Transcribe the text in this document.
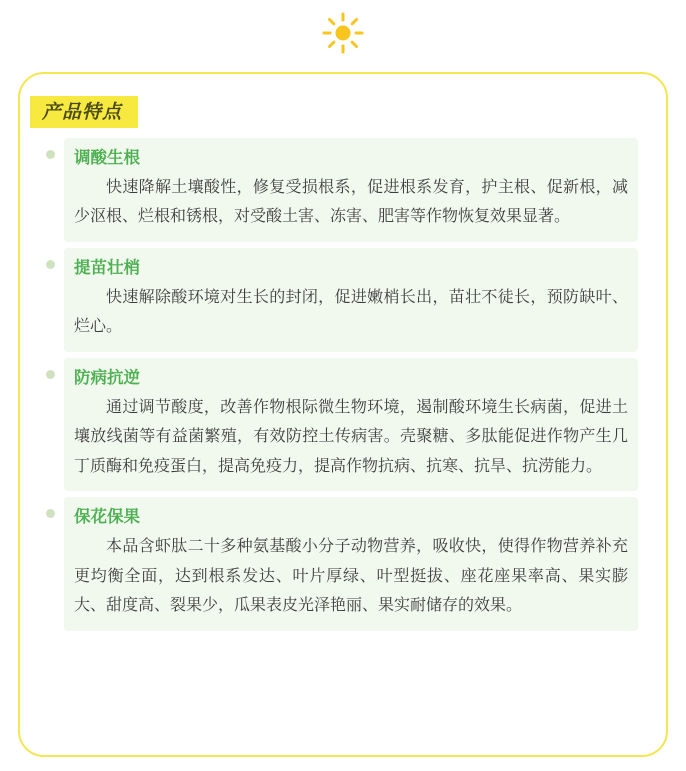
产品特点
调酸生根
快速降解土壤酸性，修复受损根系，促进根系发育，护主根、促新根，减少沤根、烂根和锈根，对受酸土害、冻害、肥害等作物恢复效果显著。
提苗壮梢
快速解除酸环境对生长的封闭，促进嫩梢长出，苗壮不徒长，预防缺叶、烂心。
防病抗逆
通过调节酸度，改善作物根际微生物环境，遏制酸环境生长病菌，促进土壤放线菌等有益菌繁殖，有效防控土传病害。壳聚糖、多肽能促进作物产生几丁质酶和免疫蛋白，提高免疫力，提高作物抗病、抗寒、抗旱、抗涝能力。
保花保果
本品含虾肽二十多种氨基酸小分子动物营养，吸收快，使得作物营养补充更均衡全面，达到根系发达、叶片厚绿、叶型挺拔、座花座果率高、果实膨大、甜度高、裂果少，瓜果表皮光泽艳丽、果实耐储存的效果。
